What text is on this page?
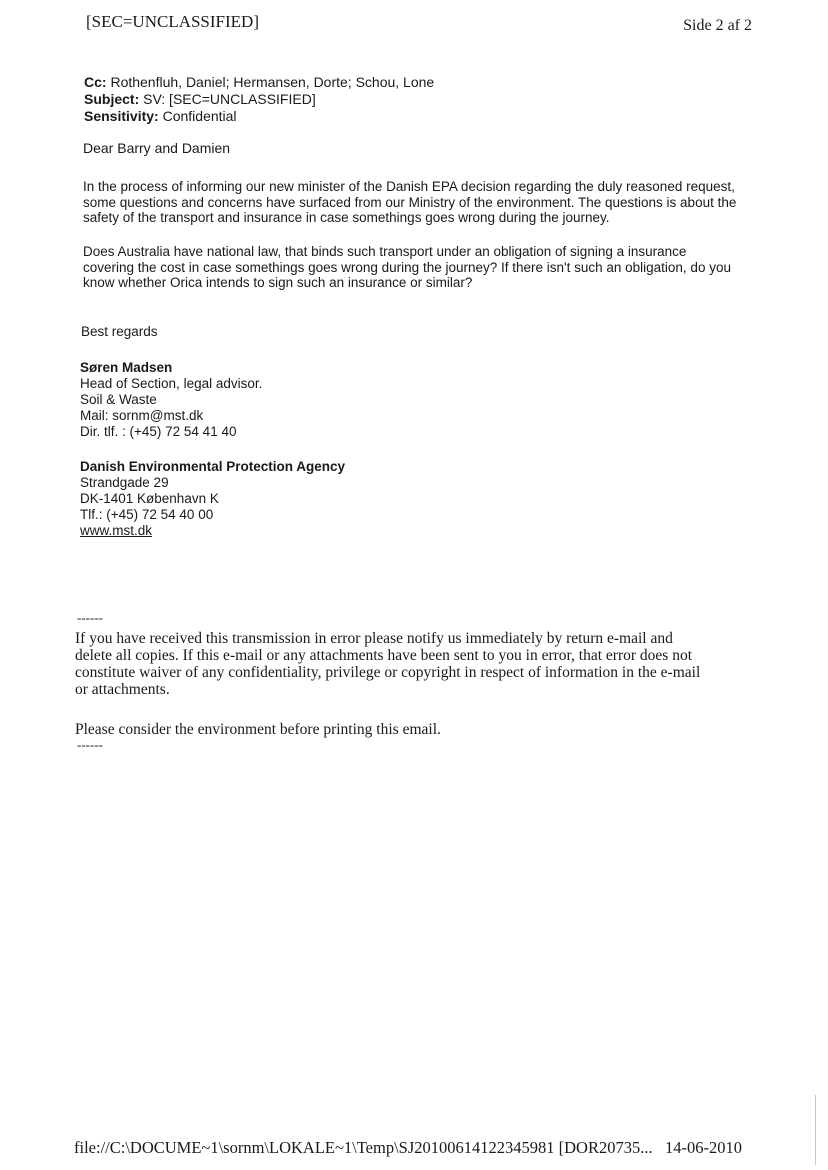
[SEC=UNCLASSIFIED]	Side 2 af 2
Cc: Rothenfluh, Daniel; Hermansen, Dorte; Schou, Lone
Subject: SV: [SEC=UNCLASSIFIED]
Sensitivity: Confidential
Dear Barry and Damien
In the process of informing our new minister of the Danish EPA decision regarding the duly reasoned request,
some questions and concerns have surfaced from our Ministry of the environment. The questions is about the
safety of the transport and insurance in case somethings goes wrong during the journey.
Does Australia have national law, that binds such transport under an obligation of signing a insurance
covering the cost in case somethings goes wrong during the journey? If there isn't such an obligation, do you
know whether Orica intends to sign such an insurance or similar?
Best regards
Søren Madsen
Head of Section, legal advisor.
Soil & Waste
Mail: sornm@mst.dk
Dir. tlf. : (+45) 72 54 41 40
Danish Environmental Protection Agency
Strandgade 29
DK-1401 København K
Tlf.: (+45) 72 54 40 00
www.mst.dk
------
If you have received this transmission in error please notify us immediately by return e-mail and
delete all copies. If this e-mail or any attachments have been sent to you in error, that error does not
constitute waiver of any confidentiality, privilege or copyright in respect of information in the e-mail
or attachments.
Please consider the environment before printing this email.
------
file://C:\DOCUME~1\sornm\LOKALE~1\Temp\SJ20100614122345981 [DOR20735... 14-06-2010
